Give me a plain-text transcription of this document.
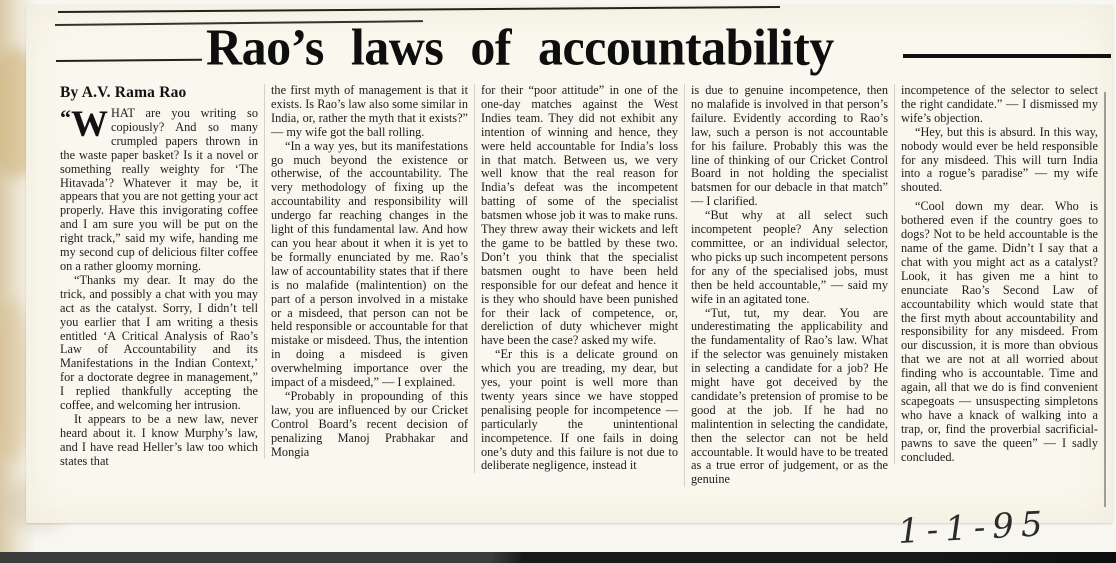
Rao’s laws of accountability
By A.V. Rama Rao

“W HAT are you writing so copiously? And so many crumpled papers thrown in the waste paper basket? Is it a novel or something really weighty for ‘The Hitavada’? Whatever it may be, it appears that you are not getting your act properly. Have this invigorating coffee and I am sure you will be put on the right track,” said my wife, handing me my second cup of delicious filter coffee on a rather gloomy morning.

“Thanks my dear. It may do the trick, and possibly a chat with you may act as the catalyst. Sorry, I didn’t tell you earlier that I am writing a thesis entitled ‘A Critical Analysis of Rao’s Law of Accountability and its Manifestations in the Indian Context,’ for a doctorate degree in management,” I replied thankfully accepting the coffee, and welcoming her intrusion.

It appears to be a new law, never heard about it. I know Murphy’s law, and I have read Heller’s law too which states that

the first myth of management is that it exists. Is Rao’s law also some similar in India, or, rather the myth that it exists?” — my wife got the ball rolling.

“In a way yes, but its manifestations go much beyond the existence or otherwise, of the accountability. The very methodology of fixing up the accountability and responsibility will undergo far reaching changes in the light of this fundamental law. And how can you hear about it when it is yet to be formally enunciated by me. Rao’s law of accountability states that if there is no malafide (malintention) on the part of a person involved in a mistake or a misdeed, that person can not be held responsible or accountable for that mistake or misdeed. Thus, the intention in doing a misdeed is given overwhelming importance over the impact of a misdeed,” — I explained.

“Probably in propounding of this law, you are influenced by our Cricket Control Board’s recent decision of penalizing Manoj Prabhakar and Mongia

for their “poor attitude” in one of the one-day matches against the West Indies team. They did not exhibit any intention of winning and hence, they were held accountable for India’s loss in that match. Between us, we very well know that the real reason for India’s defeat was the incompetent batting of some of the specialist batsmen whose job it was to make runs. They threw away their wickets and left the game to be battled by these two. Don’t you think that the specialist batsmen ought to have been held responsible for our defeat and hence it is they who should have been punished for their lack of competence, or, dereliction of duty whichever might have been the case? asked my wife.

“Er this is a delicate ground on which you are treading, my dear, but yes, your point is well more than twenty years since we have stopped penalising people for incompetence — particularly the unintentional incompetence. If one fails in doing one’s duty and this failure is not due to deliberate negligence, instead it

is due to genuine incompetence, then no malafide is involved in that person’s failure. Evidently according to Rao’s law, such a person is not accountable for his failure. Probably this was the line of thinking of our Cricket Control Board in not holding the specialist batsmen for our debacle in that match” — I clarified.

“But why at all select such incompetent people? Any selection committee, or an individual selector, who picks up such incompetent persons for any of the specialised jobs, must then be held accountable,” — said my wife in an agitated tone.

“Tut, tut, my dear. You are underestimating the applicability and the fundamentality of Rao’s law. What if the selector was genuinely mistaken in selecting a candidate for a job? He might have got deceived by the candidate’s pretension of promise to be good at the job. If he had no malintention in selecting the candidate, then the selector can not be held accountable. It would have to be treated as a true error of judgement, or as the genuine

incompetence of the selector to select the right candidate.” — I dismissed my wife’s objection.

“Hey, but this is absurd. In this way, nobody would ever be held responsible for any misdeed. This will turn India into a rogue’s paradise” — my wife shouted.

“Cool down my dear. Who is bothered even if the country goes to dogs? Not to be held accountable is the name of the game. Didn’t I say that a chat with you might act as a catalyst? Look, it has given me a hint to enunciate Rao’s Second Law of accountability which would state that the first myth about accountability and responsibility for any misdeed. From our discussion, it is more than obvious that we are not at all worried about finding who is accountable. Time and again, all that we do is find convenient scapegoats — unsuspecting simpletons who have a knack of walking into a trap, or, find the proverbial sacrificial-pawns to save the queen” — I sadly concluded.

1-1-95
